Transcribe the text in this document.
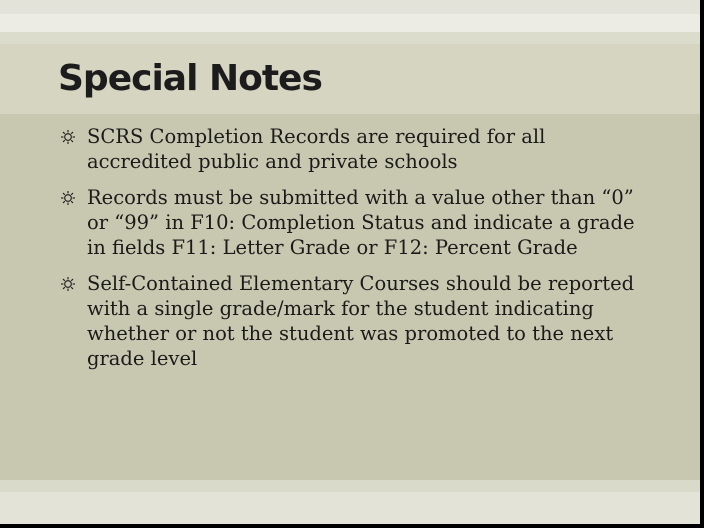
Special Notes
SCRS Completion Records are required for all accredited public and private schools
Records must be submitted with a value other than “0” or “99” in F10: Completion Status and indicate a grade in fields F11: Letter Grade or F12: Percent Grade
Self-Contained Elementary Courses should be reported with a single grade/mark for the student indicating whether or not the student was promoted to the next grade level
